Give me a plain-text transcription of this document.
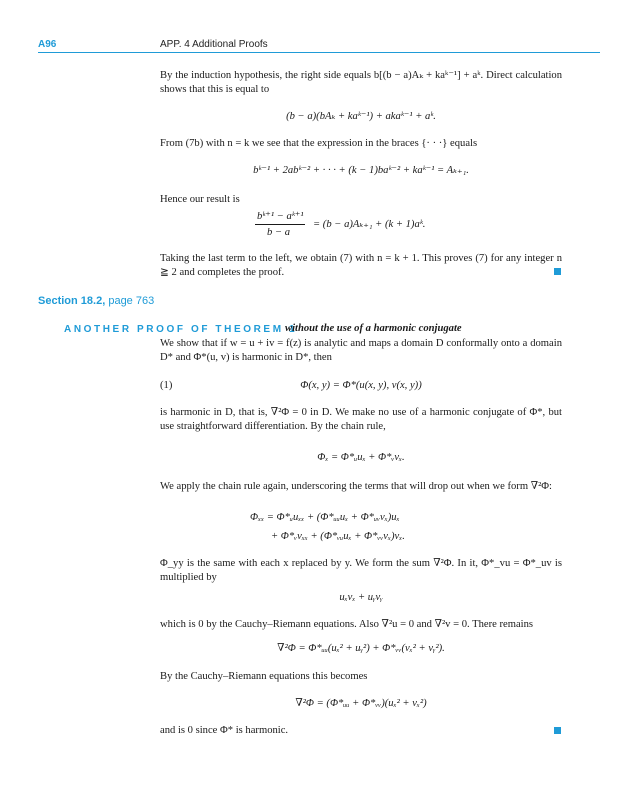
A96	APP. 4 Additional Proofs
By the induction hypothesis, the right side equals b[(b − a)Aₖ + kaᵏ⁻¹] + aᵏ. Direct calculation shows that this is equal to
(b − a)(bAₖ + kaᵏ⁻¹) + akaᵏ⁻¹ + aᵏ.
From (7b) with n = k we see that the expression in the braces {· · ·} equals
bᵏ⁻¹ + 2abᵏ⁻² + · · · + (k − 1)baᵏ⁻² + kaᵏ⁻¹ = Aₖ₊₁.
Hence our result is
bᵏ⁺¹ − aᵏ⁺¹
b − a
= (b − a)Aₖ₊₁ + (k + 1)aᵏ.
Taking the last term to the left, we obtain (7) with n = k + 1. This proves (7) for any integer n ≧ 2 and completes the proof.
Section 18.2, page 763
ANOTHER PROOF OF THEOREM 1
without the use of a harmonic conjugate
We show that if w = u + iv = f(z) is analytic and maps a domain D conformally onto a domain D* and Φ*(u, v) is harmonic in D*, then
(1)	Φ(x, y) = Φ*(u(x, y), v(x, y))
is harmonic in D, that is, ∇²Φ = 0 in D. We make no use of a harmonic conjugate of Φ*, but use straightforward differentiation. By the chain rule,
Φₓ = Φ*ᵤuₓ + Φ*ᵥvₓ.
We apply the chain rule again, underscoring the terms that will drop out when we form ∇²Φ:
Φₓₓ = Φ*ᵤuₓₓ + (Φ*ᵤᵤuₓ + Φ*ᵤᵥvₓ)uₓ
+ Φ*ᵥvₓₓ + (Φ*ᵥᵤuₓ + Φ*ᵥᵥvₓ)vₓ.
Φ_yy is the same with each x replaced by y. We form the sum ∇²Φ. In it, Φ*_vu = Φ*_uv is multiplied by
uₓvₓ + uᵧvᵧ
which is 0 by the Cauchy–Riemann equations. Also ∇²u = 0 and ∇²v = 0. There remains
∇²Φ = Φ*ᵤᵤ(uₓ² + uᵧ²) + Φ*ᵥᵥ(vₓ² + vᵧ²).
By the Cauchy–Riemann equations this becomes
∇²Φ = (Φ*ᵤᵤ + Φ*ᵥᵥ)(uₓ² + vₓ²)
and is 0 since Φ* is harmonic.
